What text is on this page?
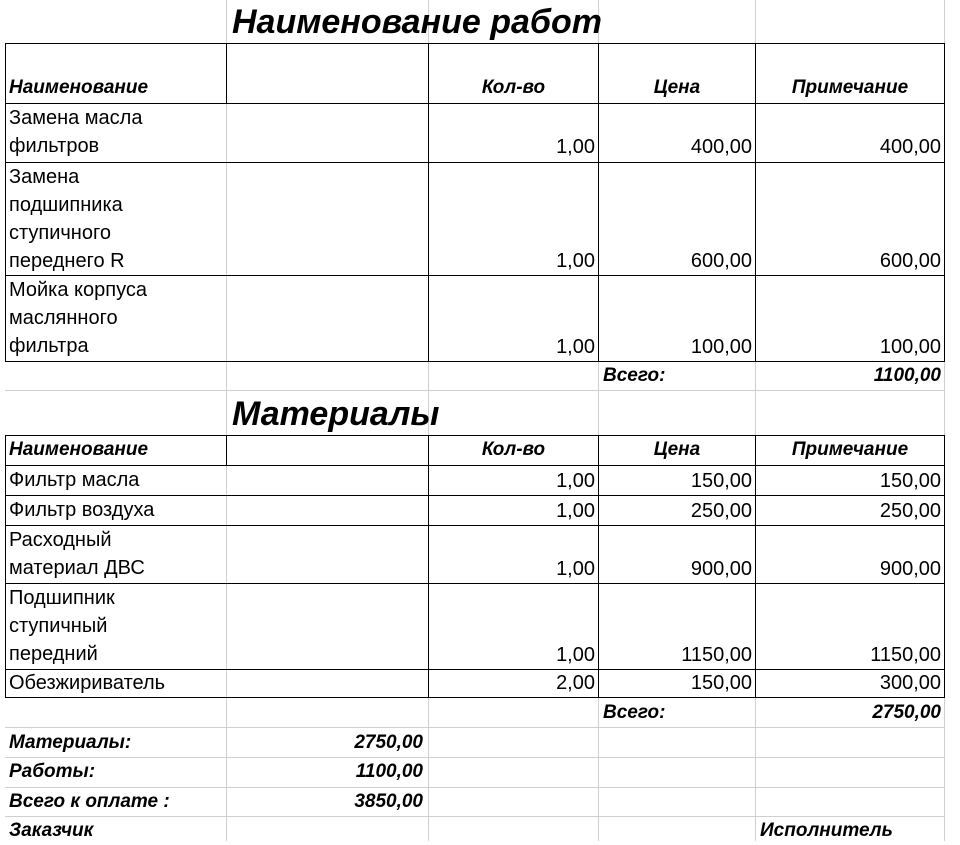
Наименование работ
Наименование	Кол-во	Цена	Примечание
Замена масла
фильтров	1,00	400,00	400,00
Замена
подшипника
ступичного
переднего R	1,00	600,00	600,00
Мойка корпуса
маслянного
фильтра	1,00	100,00	100,00
Всего:	1100,00
Материалы
Наименование	Кол-во	Цена	Примечание
Фильтр масла	1,00	150,00	150,00
Фильтр воздуха	1,00	250,00	250,00
Расходный
материал ДВС	1,00	900,00	900,00
Подшипник
ступичный
передний	1,00	1150,00	1150,00
Обезжириватель	2,00	150,00	300,00
Всего:	2750,00
Материалы:	2750,00
Работы:	1100,00
Всего к оплате :	3850,00
Заказчик	Исполнитель
